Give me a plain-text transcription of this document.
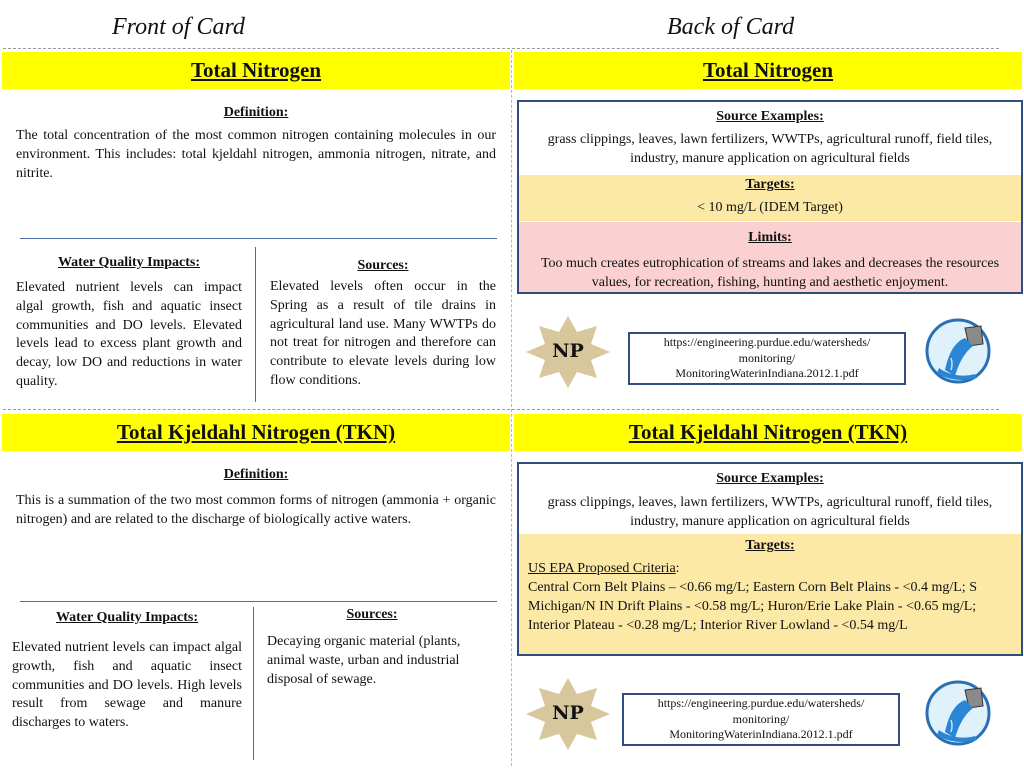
Front of Card	Back of Card
Total Nitrogen	Total Nitrogen
Definition:
The total concentration of the most common nitrogen containing molecules in our environment. This includes: total kjeldahl nitrogen, ammonia nitrogen, nitrate, and nitrite.
Water Quality Impacts:
Elevated nutrient levels can impact algal growth, fish and aquatic insect communities and DO levels. Elevated levels lead to excess plant growth and decay, low DO and reductions in water quality.
Sources:
Elevated levels often occur in the Spring as a result of tile drains in agricultural land use. Many WWTPs do not treat for nitrogen and therefore can contribute to elevate levels during low flow conditions.
Source Examples:
grass clippings, leaves, lawn fertilizers, WWTPs, agricultural runoff, field tiles, industry, manure application on agricultural fields
Targets:
< 10 mg/L (IDEM Target)
Limits:
Too much creates eutrophication of streams and lakes and decreases the resources values, for recreation, fishing, hunting and aesthetic enjoyment.
NP	https://engineering.purdue.edu/watersheds/
monitoring/
MonitoringWaterinIndiana.2012.1.pdf
Total Kjeldahl Nitrogen (TKN)	Total Kjeldahl Nitrogen (TKN)
Definition:
This is a summation of the two most common forms of nitrogen (ammonia + organic nitrogen) and are related to the discharge of biologically active waters.
Water Quality Impacts:
Elevated nutrient levels can impact algal growth, fish and aquatic insect communities and DO levels. High levels result from sewage and manure discharges to waters.
Sources:
Decaying organic material (plants, animal waste, urban and industrial disposal of sewage.
Source Examples:
grass clippings, leaves, lawn fertilizers, WWTPs, agricultural runoff, field tiles, industry, manure application on agricultural fields
Targets:
US EPA Proposed Criteria:
Central Corn Belt Plains – <0.66 mg/L; Eastern Corn Belt Plains - <0.4 mg/L; S Michigan/N IN Drift Plains - <0.58 mg/L; Huron/Erie Lake Plain - <0.65 mg/L; Interior Plateau - <0.28 mg/L; Interior River Lowland - <0.54 mg/L
NP	https://engineering.purdue.edu/watersheds/
monitoring/
MonitoringWaterinIndiana.2012.1.pdf
